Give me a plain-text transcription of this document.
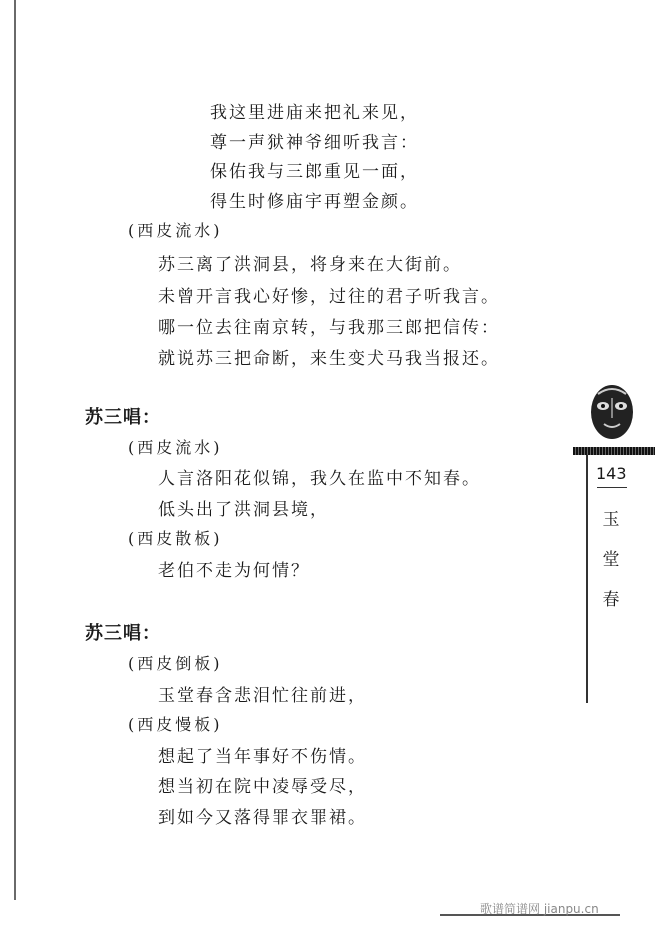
我这里进庙来把礼来见，
尊一声狱神爷细听我言：
保佑我与三郎重见一面，
得生时修庙宇再塑金颜。
(西皮流水)
苏三离了洪洞县，将身来在大街前。
未曾开言我心好惨，过往的君子听我言。
哪一位去往南京转，与我那三郎把信传：
就说苏三把命断，来生变犬马我当报还。
苏三唱：
(西皮流水)
人言洛阳花似锦，我久在监中不知春。
低头出了洪洞县境，
(西皮散板)
老伯不走为何情？
苏三唱：
(西皮倒板)
玉堂春含悲泪忙往前进，
(西皮慢板)
想起了当年事好不伤情。
想当初在院中凌辱受尽，
到如今又落得罪衣罪裙。
143
玉堂春
歌谱简谱网 jianpu.cn
